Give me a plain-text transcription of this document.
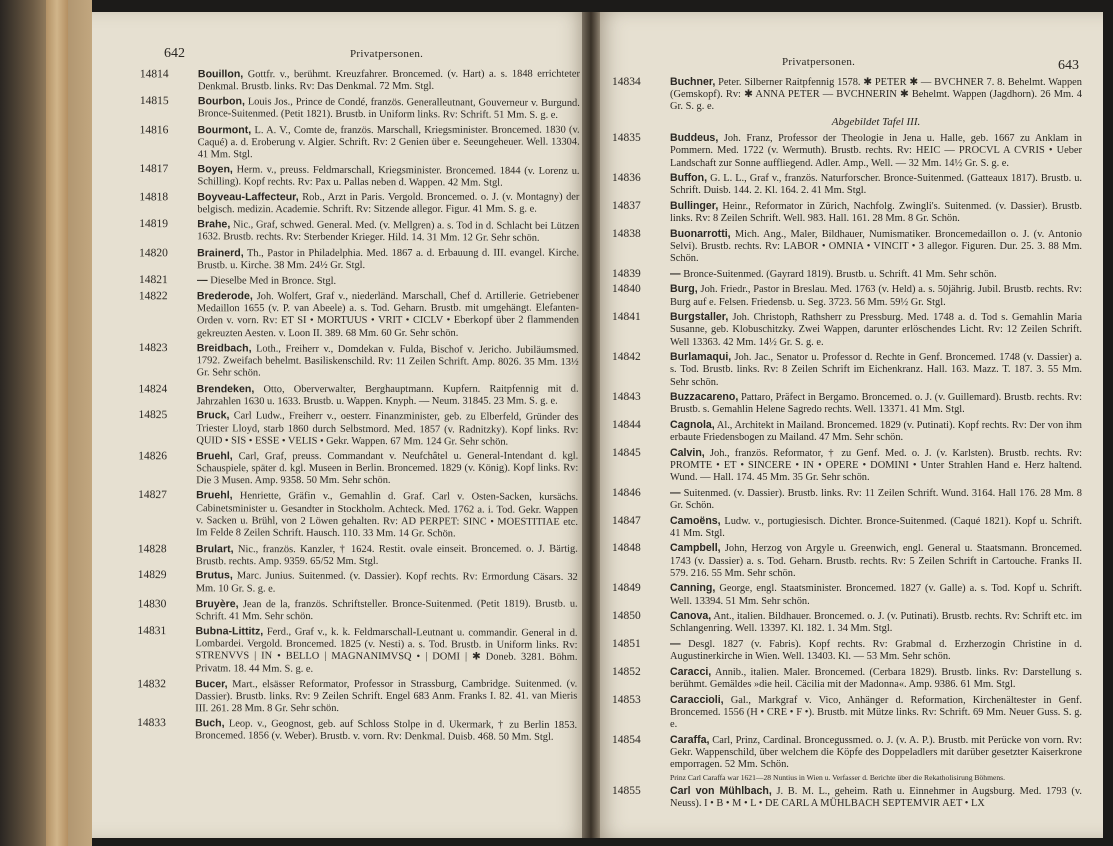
642	Privatpersonen.
14814	Bouillon, Gottfr. v., berühmt. Kreuzfahrer. Broncemed. (v. Hart) a. s. 1848 errichteter Denkmal. Brustb. links. Rv: Das Denkmal. 72 Mm. Stgl.
14815	Bourbon, Louis Jos., Prince de Condé, französ. Generalleutnant, Gouverneur v. Burgund. Bronce-Suitenmed. (Petit 1821). Brustb. in Uniform links. Rv: Schrift. 51 Mm. S. g. e.
14816	Bourmont, L. A. V., Comte de, französ. Marschall, Kriegsminister. Broncemed. 1830 (v. Caqué) a. d. Eroberung v. Algier. Schrift. Rv: 2 Genien über e. Seeungeheuer. Well. 13304. 41 Mm. Stgl.
14817	Boyen, Herm. v., preuss. Feldmarschall, Kriegsminister. Broncemed. 1844 (v. Lorenz u. Schilling). Kopf rechts. Rv: Pax u. Pallas neben d. Wappen. 42 Mm. Stgl.
14818	Boyveau-Laffecteur, Rob., Arzt in Paris. Vergold. Broncemed. o. J. (v. Montagny) der belgisch. medizin. Academie. Schrift. Rv: Sitzende allegor. Figur. 41 Mm. S. g. e.
14819	Brahe, Nic., Graf, schwed. General. Med. (v. Mellgren) a. s. Tod in d. Schlacht bei Lützen 1632. Brustb. rechts. Rv: Sterbender Krieger. Hild. 14. 31 Mm. 12 Gr. Sehr schön.
14820	Brainerd, Th., Pastor in Philadelphia. Med. 1867 a. d. Erbauung d. III. evangel. Kirche. Brustb. u. Kirche. 38 Mm. 24½ Gr. Stgl.
14821	— Dieselbe Med in Bronce. Stgl.
14822	Brederode, Joh. Wolfert, Graf v., niederländ. Marschall, Chef d. Artillerie. Getriebener Medaillon 1655 (v. P. van Abeele) a. s. Tod. Geharn. Brustb. mit umgehängt. Elefanten-Orden v. vorn. Rv: ET SI • MORTUUS • VRIT • CICLV • Eberkopf über 2 flammenden gekreuzten Aesten. v. Loon II. 389. 68 Mm. 60 Gr. Sehr schön.
14823	Breidbach, Loth., Freiherr v., Domdekan v. Fulda, Bischof v. Jericho. Jubiläumsmed. 1792. Zweifach behelmt. Basiliskenschild. Rv: 11 Zeilen Schrift. Amp. 8026. 35 Mm. 13½ Gr. Sehr schön.
14824	Brendeken, Otto, Oberverwalter, Berghauptmann. Kupfern. Raitpfennig mit d. Jahrzahlen 1630 u. 1633. Brustb. u. Wappen. Knyph. — Neum. 31845. 23 Mm. S. g. e.
14825	Bruck, Carl Ludw., Freiherr v., oesterr. Finanzminister, geb. zu Elberfeld, Gründer des Triester Lloyd, starb 1860 durch Selbstmord. Med. 1857 (v. Radnitzky). Kopf links. Rv: QUID • SIS • ESSE • VELIS • Gekr. Wappen. 67 Mm. 124 Gr. Sehr schön.
14826	Bruehl, Carl, Graf, preuss. Commandant v. Neufchâtel u. General-Intendant d. kgl. Schauspiele, später d. kgl. Museen in Berlin. Broncemed. 1829 (v. König). Kopf links. Rv: Die 3 Musen. Amp. 9358. 50 Mm. Sehr schön.
14827	Bruehl, Henriette, Gräfin v., Gemahlin d. Graf. Carl v. Osten-Sacken, kursächs. Cabinetsminister u. Gesandter in Stockholm. Achteck. Med. 1762 a. i. Tod. Gekr. Wappen v. Sacken u. Brühl, von 2 Löwen gehalten. Rv: AD PERPET: SINC • MOESTITIAE etc. Im Felde 8 Zeilen Schrift. Hausch. 110. 33 Mm. 14 Gr. Schön.
14828	Brulart, Nic., französ. Kanzler, † 1624. Restit. ovale einseit. Broncemed. o. J. Bärtig. Brustb. rechts. Amp. 9359. 65/52 Mm. Stgl.
14829	Brutus, Marc. Junius. Suitenmed. (v. Dassier). Kopf rechts. Rv: Ermordung Cäsars. 32 Mm. 10 Gr. S. g. e.
14830	Bruyère, Jean de la, französ. Schriftsteller. Bronce-Suitenmed. (Petit 1819). Brustb. u. Schrift. 41 Mm. Sehr schön.
14831	Bubna-Littitz, Ferd., Graf v., k. k. Feldmarschall-Leutnant u. commandir. General in d. Lombardei. Vergold. Broncemed. 1825 (v. Nesti) a. s. Tod. Brustb. in Uniform links. Rv: STRENVVS | IN • BELLO | MAGNANIMVSQ • | DOMI | ✱ Doneb. 3281. Böhm. Privatm. 18. 44 Mm. S. g. e.
14832	Bucer, Mart., elsässer Reformator, Professor in Strassburg, Cambridge. Suitenmed. (v. Dassier). Brustb. links. Rv: 9 Zeilen Schrift. Engel 683 Anm. Franks I. 82. 41. van Mieris III. 261. 28 Mm. 8 Gr. Sehr schön.
14833	Buch, Leop. v., Geognost, geb. auf Schloss Stolpe in d. Ukermark, † zu Berlin 1853. Broncemed. 1856 (v. Weber). Brustb. v. vorn. Rv: Denkmal. Duisb. 468. 50 Mm. Stgl.
Privatpersonen.	643
14834	Buchner, Peter. Silberner Raitpfennig 1578. ✱ PETER ✱ — BVCHNER 7. 8. Behelmt. Wappen (Gemskopf). Rv: ✱ ANNA PETER — BVCHNERIN ✱ Behelmt. Wappen (Jagdhorn). 26 Mm. 4 Gr. S. g. e.
Abgebildet Tafel III.
14835	Buddeus, Joh. Franz, Professor der Theologie in Jena u. Halle, geb. 1667 zu Anklam in Pommern. Med. 1722 (v. Wermuth). Brustb. rechts. Rv: HEIC — PROCVL A CVRIS • Ueber Landschaft zur Sonne auffliegend. Adler. Amp., Well. — 32 Mm. 14½ Gr. S. g. e.
14836	Buffon, G. L. L., Graf v., französ. Naturforscher. Bronce-Suitenmed. (Gatteaux 1817). Brustb. u. Schrift. Duisb. 144. 2. Kl. 164. 2. 41 Mm. Stgl.
14837	Bullinger, Heinr., Reformator in Zürich, Nachfolg. Zwingli's. Suitenmed. (v. Dassier). Brustb. links. Rv: 8 Zeilen Schrift. Well. 983. Hall. 161. 28 Mm. 8 Gr. Schön.
14838	Buonarrotti, Mich. Ang., Maler, Bildhauer, Numismatiker. Broncemedaillon o. J. (v. Antonio Selvi). Brustb. rechts. Rv: LABOR • OMNIA • VINCIT • 3 allegor. Figuren. Dur. 25. 3. 88 Mm. Schön.
14839	— Bronce-Suitenmed. (Gayrard 1819). Brustb. u. Schrift. 41 Mm. Sehr schön.
14840	Burg, Joh. Friedr., Pastor in Breslau. Med. 1763 (v. Held) a. s. 50jährig. Jubil. Brustb. rechts. Rv: Burg auf e. Felsen. Friedensb. u. Seg. 3723. 56 Mm. 59½ Gr. Stgl.
14841	Burgstaller, Joh. Christoph, Rathsherr zu Pressburg. Med. 1748 a. d. Tod s. Gemahlin Maria Susanne, geb. Klobuschitzky. Zwei Wappen, darunter erlöschendes Licht. Rv: 12 Zeilen Schrift. Well 13363. 42 Mm. 14½ Gr. S. g. e.
14842	Burlamaqui, Joh. Jac., Senator u. Professor d. Rechte in Genf. Broncemed. 1748 (v. Dassier) a. s. Tod. Brustb. links. Rv: 8 Zeilen Schrift im Eichenkranz. Hall. 163. Mazz. T. 187. 3. 55 Mm. Sehr schön.
14843	Buzzacareno, Pattaro, Präfect in Bergamo. Broncemed. o. J. (v. Guillemard). Brustb. rechts. Rv: Brustb. s. Gemahlin Helene Sagredo rechts. Well. 13371. 41 Mm. Stgl.
14844	Cagnola, Al., Architekt in Mailand. Broncemed. 1829 (v. Putinati). Kopf rechts. Rv: Der von ihm erbaute Friedensbogen zu Mailand. 47 Mm. Sehr schön.
14845	Calvin, Joh., französ. Reformator, † zu Genf. Med. o. J. (v. Karlsten). Brustb. rechts. Rv: PROMTE • ET • SINCERE • IN • OPERE • DOMINI • Unter Strahlen Hand e. Herz haltend. Wund. — Hall. 174. 45 Mm. 35 Gr. Sehr schön.
14846	— Suitenmed. (v. Dassier). Brustb. links. Rv: 11 Zeilen Schrift. Wund. 3164. Hall 176. 28 Mm. 8 Gr. Schön.
14847	Camoëns, Ludw. v., portugiesisch. Dichter. Bronce-Suitenmed. (Caqué 1821). Kopf u. Schrift. 41 Mm. Stgl.
14848	Campbell, John, Herzog von Argyle u. Greenwich, engl. General u. Staatsmann. Broncemed. 1743 (v. Dassier) a. s. Tod. Geharn. Brustb. rechts. Rv: 5 Zeilen Schrift in Cartouche. Franks II. 579. 216. 55 Mm. Sehr schön.
14849	Canning, George, engl. Staatsminister. Broncemed. 1827 (v. Galle) a. s. Tod. Kopf u. Schrift. Well. 13394. 51 Mm. Sehr schön.
14850	Canova, Ant., italien. Bildhauer. Broncemed. o. J. (v. Putinati). Brustb. rechts. Rv: Schrift etc. im Schlangenring. Well. 13397. Kl. 182. 1. 34 Mm. Stgl.
14851	— Desgl. 1827 (v. Fabris). Kopf rechts. Rv: Grabmal d. Erzherzogin Christine in d. Augustinerkirche in Wien. Well. 13403. Kl. — 53 Mm. Sehr schön.
14852	Caracci, Annib., italien. Maler. Broncemed. (Cerbara 1829). Brustb. links. Rv: Darstellung s. berühmt. Gemäldes »die heil. Cäcilia mit der Madonna«. Amp. 9386. 61 Mm. Stgl.
14853	Caraccioli, Gal., Markgraf v. Vico, Anhänger d. Reformation, Kirchenältester in Genf. Broncemed. 1556 (H • CRE • F •). Brustb. mit Mütze links. Rv: Schrift. 69 Mm. Neuer Guss. S. g. e.
14854	Caraffa, Carl, Prinz, Cardinal. Broncegussmed. o. J. (v. A. P.). Brustb. mit Perücke von vorn. Rv: Gekr. Wappenschild, über welchem die Köpfe des Doppeladlers mit darüber gesetzter Kaiserkrone emporragen. 52 Mm. Schön.
Prinz Carl Caraffa war 1621—28 Nuntius in Wien u. Verfasser d. Berichte über die Rekatholisirung Böhmens.
14855	Carl von Mühlbach, J. B. M. L., geheim. Rath u. Einnehmer in Augsburg. Med. 1793 (v. Neuss). I • B • M • L • DE CARL A MÜHLBACH SEPTEMVIR AET • LX
